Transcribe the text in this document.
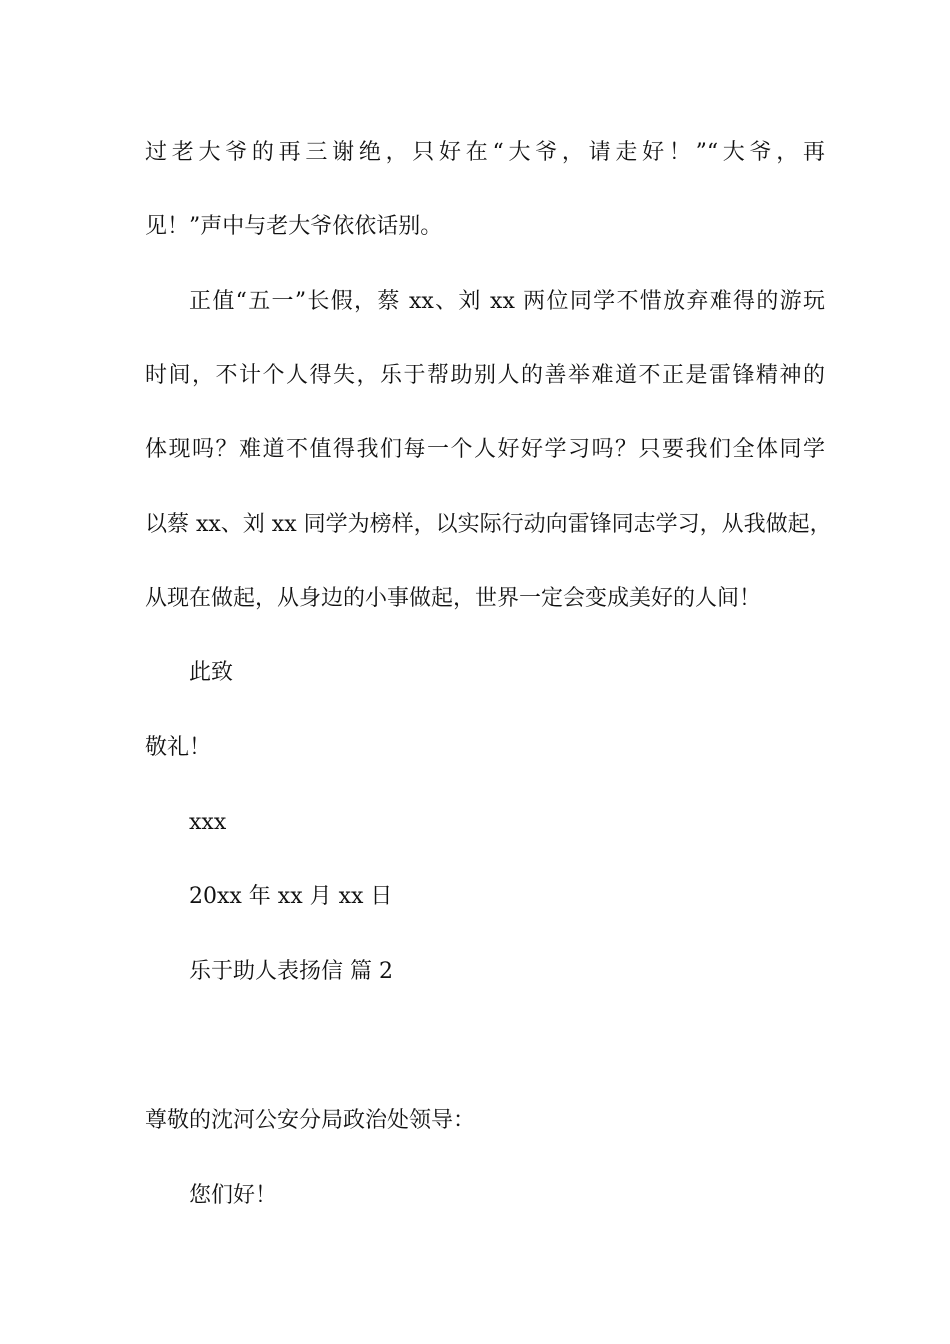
过老大爷的再三谢绝，只好在“大爷，请走好！”“大爷，再

见！”声中与老大爷依依话别。

正值“五一”长假，蔡 xx、刘 xx 两位同学不惜放弃难得的游玩

时间，不计个人得失，乐于帮助别人的善举难道不正是雷锋精神的

体现吗？难道不值得我们每一个人好好学习吗？只要我们全体同学

以蔡 xx、刘 xx 同学为榜样，以实际行动向雷锋同志学习，从我做起，

从现在做起，从身边的小事做起，世界一定会变成美好的人间！

此致

敬礼！

xxx

20xx 年 xx 月 xx 日

乐于助人表扬信 篇 2

尊敬的沈河公安分局政治处领导：

您们好！
